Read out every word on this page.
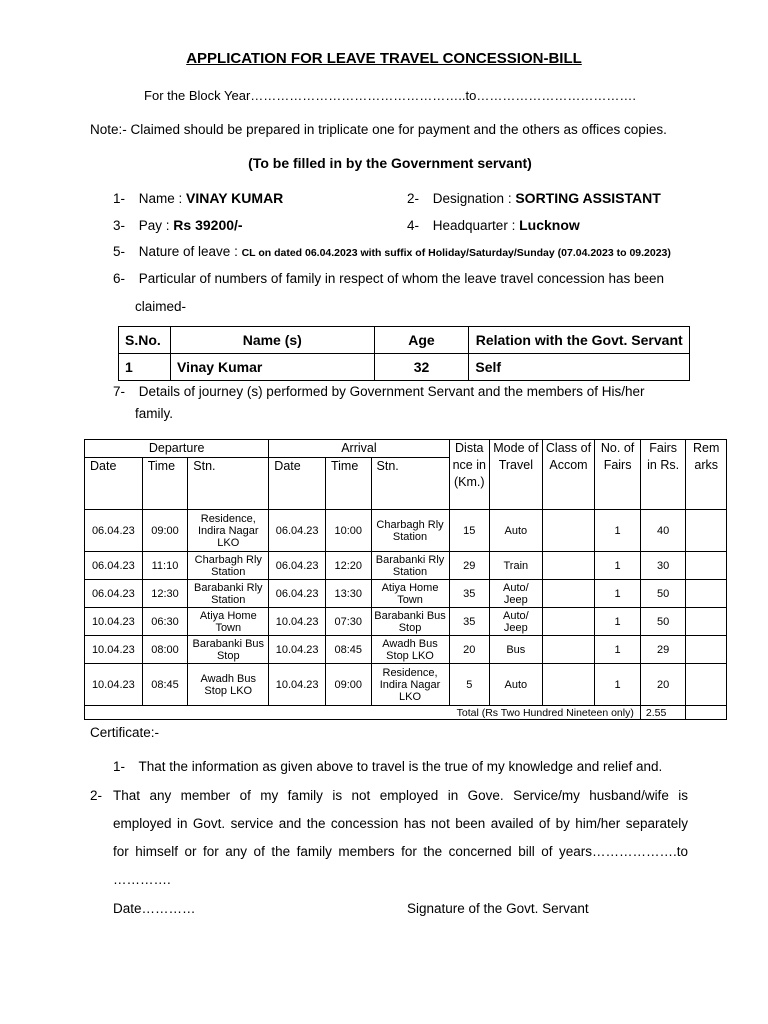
APPLICATION FOR LEAVE TRAVEL CONCESSION-BILL
For the Block Year…………………………………………..to……………………………….
Note:- Claimed should be prepared in triplicate one for payment and the others as offices copies.
(To be filled in by the Government servant)
1- Name : VINAY KUMAR	2- Designation : SORTING ASSISTANT
3- Pay : Rs 39200/-	4- Headquarter : Lucknow
5- Nature of leave : CL on dated 06.04.2023 with suffix of Holiday/Saturday/Sunday (07.04.2023 to 09.2023)
6- Particular of numbers of family in respect of whom the leave travel concession has been
claimed-
S.No.	Name (s)	Age	Relation with the Govt. Servant
1	Vinay Kumar	32	Self
7- Details of journey (s) performed by Government Servant and the members of His/her
family.
Departure			Arrival			Dista nce in (Km.)	Mode of Travel	Class of Accom	No. of Fairs	Fairs in Rs.	Rem arks
Date	Time	Stn.	Date	Time	Stn.						
06.04.23	09:00	Residence, Indira Nagar LKO	06.04.23	10:00	Charbagh Rly Station	15	Auto		1	40	
06.04.23	11:10	Charbagh Rly Station	06.04.23	12:20	Barabanki Rly Station	29	Train		1	30	
06.04.23	12:30	Barabanki Rly Station	06.04.23	13:30	Atiya Home Town	35	Auto/ Jeep		1	50	
10.04.23	06:30	Atiya Home Town	10.04.23	07:30	Barabanki Bus Stop	35	Auto/ Jeep		1	50	
10.04.23	08:00	Barabanki Bus Stop	10.04.23	08:45	Awadh Bus Stop LKO	20	Bus		1	29	
10.04.23	08:45	Awadh Bus Stop LKO	10.04.23	09:00	Residence, Indira Nagar LKO	5	Auto		1	20	
Total (Rs Two Hundred Nineteen only)										2.55	
Certificate:-
1- That the information as given above to travel is the true of my knowledge and relief and.
2- That any member of my family is not employed in Gove. Service/my husband/wife is
employed in Govt. service and the concession has not been availed of by him/her separately
for himself or for any of the family members for the concerned bill of years……………….to
………….
Date…………	Signature of the Govt. Servant
